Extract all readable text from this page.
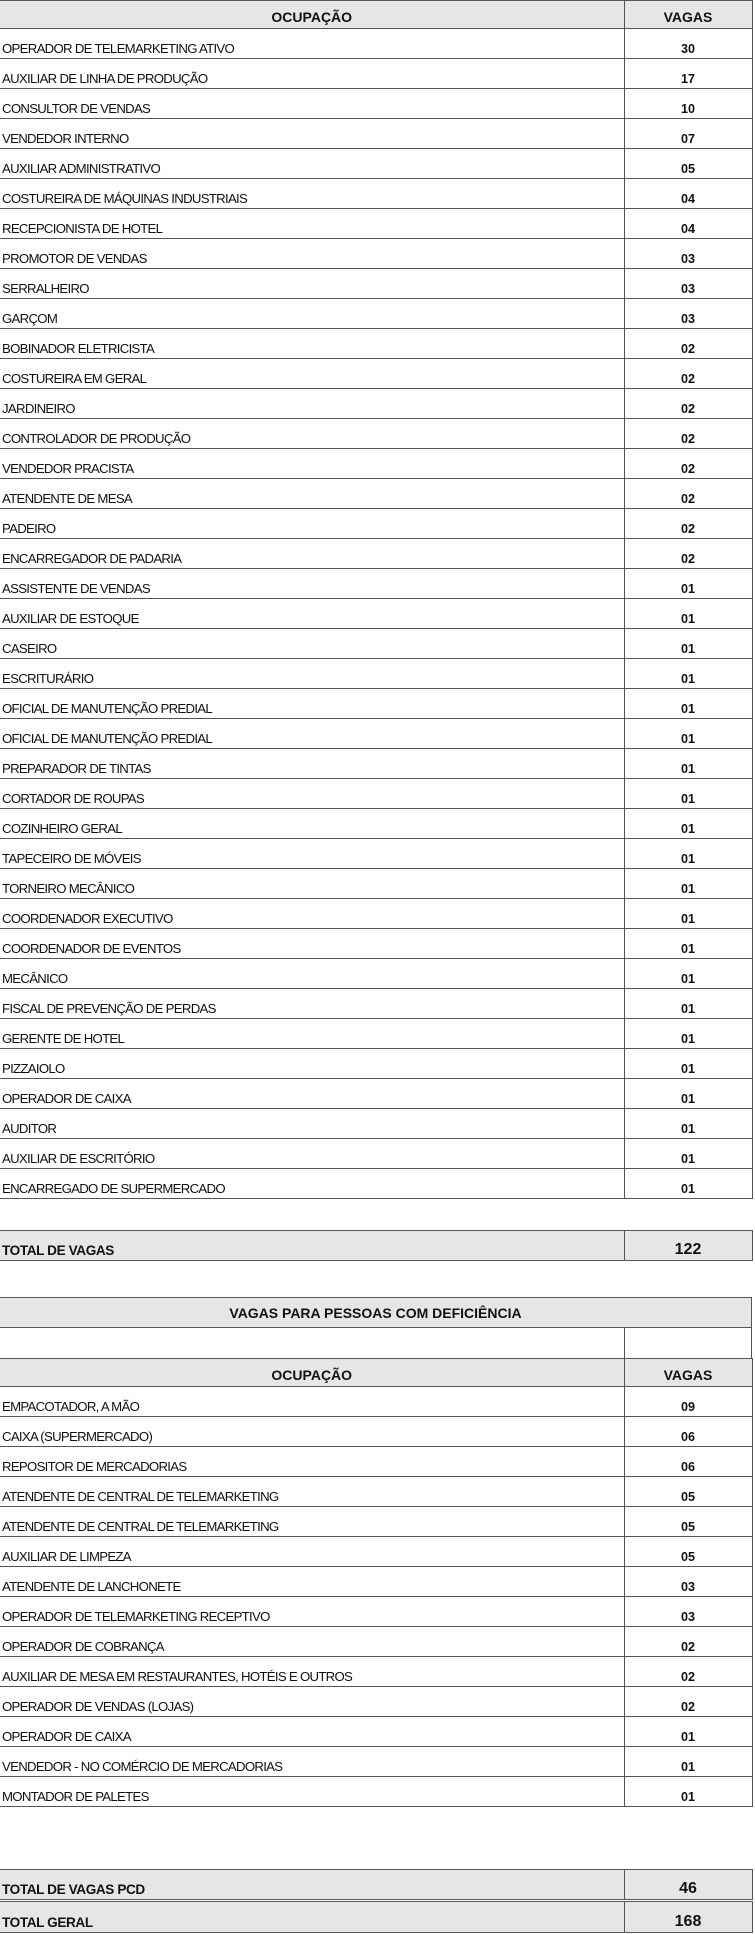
OCUPAÇÃO	VAGAS
OPERADOR DE TELEMARKETING ATIVO	30
AUXILIAR DE LINHA DE PRODUÇÃO	17
CONSULTOR DE VENDAS	10
VENDEDOR INTERNO	07
AUXILIAR ADMINISTRATIVO	05
COSTUREIRA DE MÁQUINAS INDUSTRIAIS	04
RECEPCIONISTA DE HOTEL	04
PROMOTOR DE VENDAS	03
SERRALHEIRO	03
GARÇOM	03
BOBINADOR ELETRICISTA	02
COSTUREIRA EM GERAL	02
JARDINEIRO	02
CONTROLADOR DE PRODUÇÃO	02
VENDEDOR PRACISTA	02
ATENDENTE DE MESA	02
PADEIRO	02
ENCARREGADOR DE PADARIA	02
ASSISTENTE DE VENDAS	01
AUXILIAR DE ESTOQUE	01
CASEIRO	01
ESCRITURÁRIO	01
OFICIAL DE MANUTENÇÃO PREDIAL	01
OFICIAL DE MANUTENÇÃO PREDIAL	01
PREPARADOR DE TINTAS	01
CORTADOR DE ROUPAS	01
COZINHEIRO GERAL	01
TAPECEIRO DE MÓVEIS	01
TORNEIRO MECÂNICO	01
COORDENADOR EXECUTIVO	01
COORDENADOR DE EVENTOS	01
MECÂNICO	01
FISCAL DE PREVENÇÃO DE PERDAS	01
GERENTE DE HOTEL	01
PIZZAIOLO	01
OPERADOR DE CAIXA	01
AUDITOR	01
AUXILIAR DE ESCRITÓRIO	01
ENCARREGADO DE SUPERMERCADO	01
TOTAL DE VAGAS	122
VAGAS PARA PESSOAS COM DEFICIÊNCIA
OCUPAÇÃO	VAGAS
EMPACOTADOR, A MÃO	09
CAIXA (SUPERMERCADO)	06
REPOSITOR DE MERCADORIAS	06
ATENDENTE DE CENTRAL DE TELEMARKETING	05
ATENDENTE DE CENTRAL DE TELEMARKETING	05
AUXILIAR DE LIMPEZA	05
ATENDENTE DE LANCHONETE	03
OPERADOR DE TELEMARKETING RECEPTIVO	03
OPERADOR DE COBRANÇA	02
AUXILIAR DE MESA EM RESTAURANTES, HOTÉIS E OUTROS	02
OPERADOR DE VENDAS (LOJAS)	02
OPERADOR DE CAIXA	01
VENDEDOR - NO COMÉRCIO DE MERCADORIAS	01
MONTADOR DE PALETES	01
TOTAL DE VAGAS PCD	46
TOTAL GERAL	168
